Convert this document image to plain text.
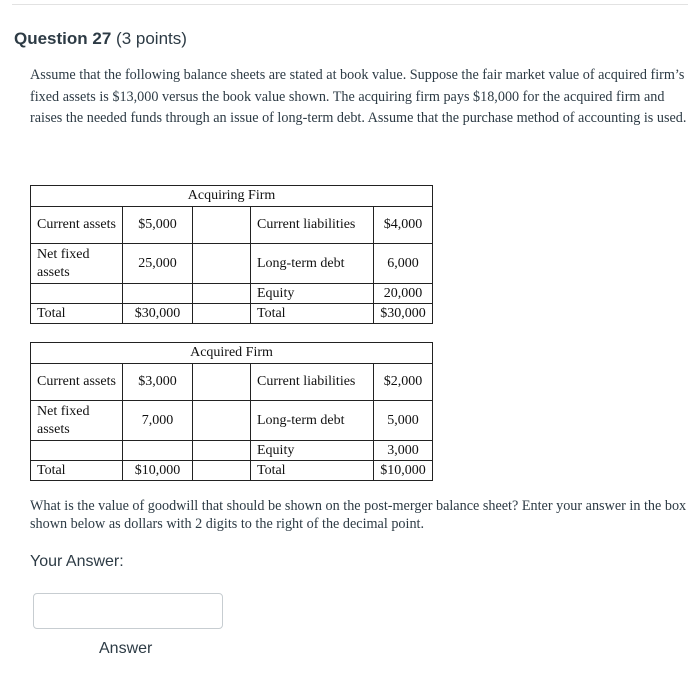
Question 27 (3 points)

Assume that the following balance sheets are stated at book value. Suppose the fair market value of acquired firm’s fixed assets is $13,000 versus the book value shown. The acquiring firm pays $18,000 for the acquired firm and raises the needed funds through an issue of long-term debt. Assume that the purchase method of accounting is used.

Acquiring Firm				
Current assets	$5,000		Current liabilities	$4,000
Net fixed assets	25,000		Long-term debt	6,000
			Equity	20,000
Total	$30,000		Total	$30,000
Acquired Firm				
Current assets	$3,000		Current liabilities	$2,000
Net fixed assets	7,000		Long-term debt	5,000
			Equity	3,000
Total	$10,000		Total	$10,000

What is the value of goodwill that should be shown on the post-merger balance sheet? Enter your answer in the box shown below as dollars with 2 digits to the right of the decimal point.

Your Answer:
Answer
